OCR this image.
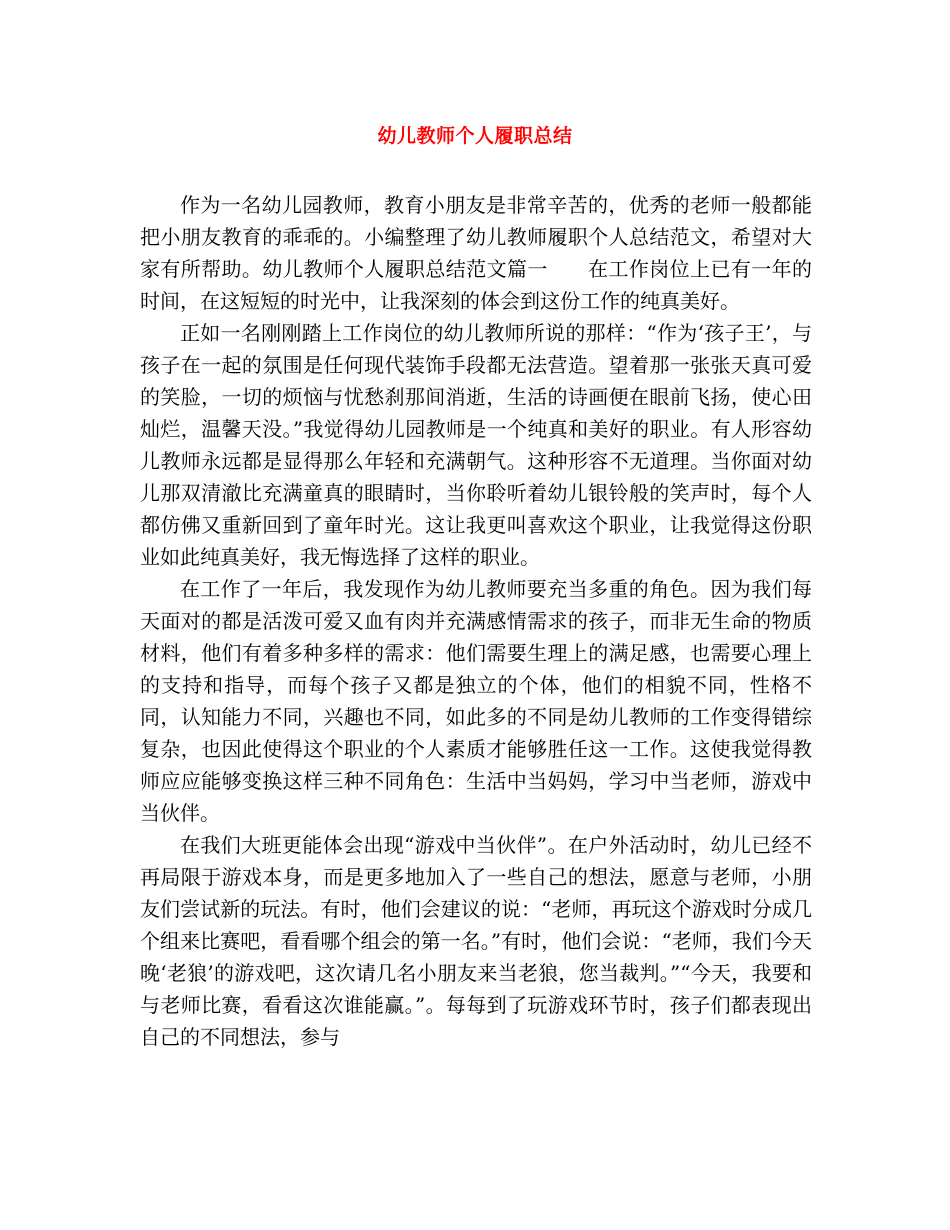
幼儿教师个人履职总结

作为一名幼儿园教师，教育小朋友是非常辛苦的，优秀的老师一般都能把小朋友教育的乖乖的。小编整理了幼儿教师履职个人总结范文，希望对大家有所帮助。幼儿教师个人履职总结范文篇一 在工作岗位上已有一年的时间，在这短短的时光中，让我深刻的体会到这份工作的纯真美好。

正如一名刚刚踏上工作岗位的幼儿教师所说的那样：“作为‘孩子王’，与孩子在一起的氛围是任何现代装饰手段都无法营造。望着那一张张天真可爱的笑脸，一切的烦恼与忧愁刹那间消逝，生活的诗画便在眼前飞扬，使心田灿烂，温馨天没。”我觉得幼儿园教师是一个纯真和美好的职业。有人形容幼儿教师永远都是显得那么年轻和充满朝气。这种形容不无道理。当你面对幼儿那双清澈比充满童真的眼睛时，当你聆听着幼儿银铃般的笑声时，每个人都仿佛又重新回到了童年时光。这让我更叫喜欢这个职业，让我觉得这份职业如此纯真美好，我无悔选择了这样的职业。

在工作了一年后，我发现作为幼儿教师要充当多重的角色。因为我们每天面对的都是活泼可爱又血有肉并充满感情需求的孩子，而非无生命的物质材料，他们有着多种多样的需求：他们需要生理上的满足感，也需要心理上的支持和指导，而每个孩子又都是独立的个体，他们的相貌不同，性格不同，认知能力不同，兴趣也不同，如此多的不同是幼儿教师的工作变得错综复杂，也因此使得这个职业的个人素质才能够胜任这一工作。这使我觉得教师应应能够变换这样三种不同角色：生活中当妈妈，学习中当老师，游戏中当伙伴。

在我们大班更能体会出现“游戏中当伙伴”。在户外活动时，幼儿已经不再局限于游戏本身，而是更多地加入了一些自己的想法，愿意与老师，小朋友们尝试新的玩法。有时，他们会建议的说：“老师，再玩这个游戏时分成几个组来比赛吧，看看哪个组会的第一名。”有时，他们会说：“老师，我们今天晚‘老狼’的游戏吧，这次请几名小朋友来当老狼，您当裁判。”“今天，我要和与老师比赛，看看这次谁能赢。”。每每到了玩游戏环节时，孩子们都表现出自己的不同想法，参与
